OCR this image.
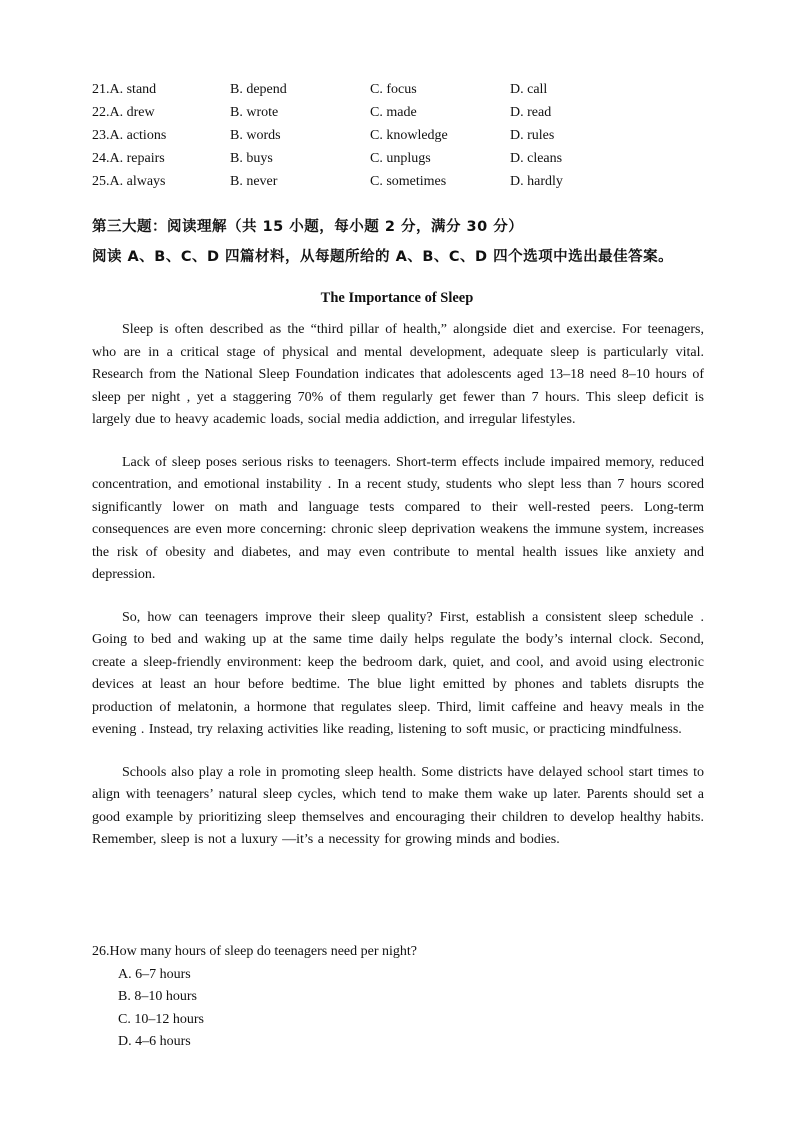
21.A. stand	B. depend	C. focus	D. call
22.A. drew	B. wrote	C. made	D. read
23.A. actions	B. words	C. knowledge	D. rules
24.A. repairs	B. buys	C. unplugs	D. cleans
25.A. always	B. never	C. sometimes	D. hardly
第三大题：阅读理解（共 15 小题，每小题 2 分，满分 30 分）
阅读 A、B、C、D 四篇材料，从每题所给的 A、B、C、D 四个选项中选出最佳答案。
The Importance of Sleep

Sleep is often described as the “third pillar of health,” alongside diet and exercise. For teenagers, who are in a critical stage of physical and mental development, adequate sleep is particularly vital. Research from the National Sleep Foundation indicates that adolescents aged 13–18 need 8–10 hours of sleep per night , yet a staggering 70% of them regularly get fewer than 7 hours. This sleep deficit is largely due to heavy academic loads, social media addiction, and irregular lifestyles.

Lack of sleep poses serious risks to teenagers. Short-term effects include impaired memory, reduced concentration, and emotional instability . In a recent study, students who slept less than 7 hours scored significantly lower on math and language tests compared to their well-rested peers. Long-term consequences are even more concerning: chronic sleep deprivation weakens the immune system, increases the risk of obesity and diabetes, and may even contribute to mental health issues like anxiety and depression.

So, how can teenagers improve their sleep quality? First, establish a consistent sleep schedule . Going to bed and waking up at the same time daily helps regulate the body’s internal clock. Second, create a sleep-friendly environment: keep the bedroom dark, quiet, and cool, and avoid using electronic devices at least an hour before bedtime. The blue light emitted by phones and tablets disrupts the production of melatonin, a hormone that regulates sleep. Third, limit caffeine and heavy meals in the evening . Instead, try relaxing activities like reading, listening to soft music, or practicing mindfulness.

Schools also play a role in promoting sleep health. Some districts have delayed school start times to align with teenagers’ natural sleep cycles, which tend to make them wake up later. Parents should set a good example by prioritizing sleep themselves and encouraging their children to develop healthy habits. Remember, sleep is not a luxury —it’s a necessity for growing minds and bodies.

26.How many hours of sleep do teenagers need per night?
A. 6–7 hours
B. 8–10 hours
C. 10–12 hours
D. 4–6 hours
